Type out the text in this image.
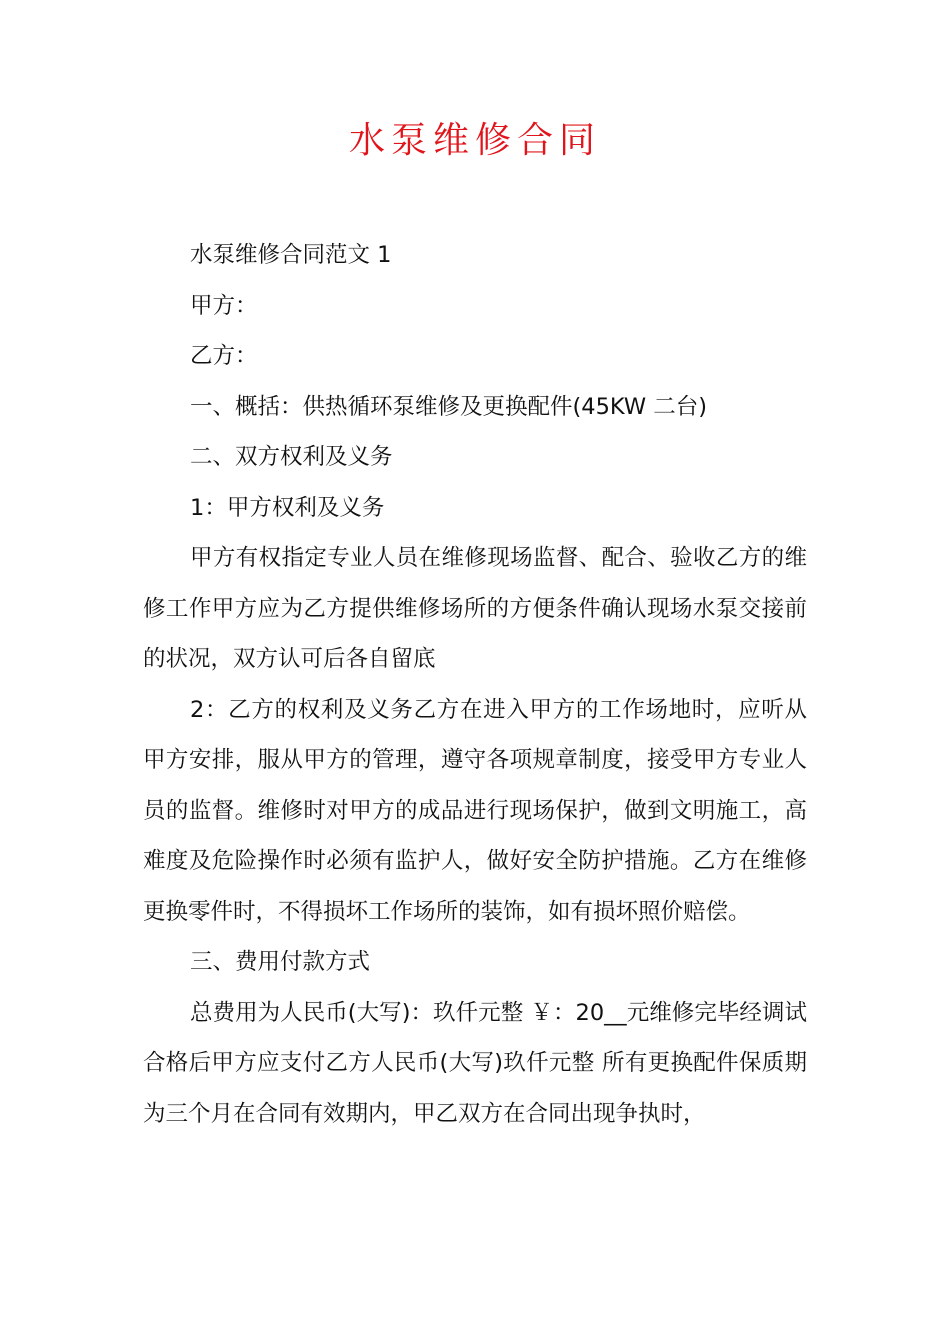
水泵维修合同

水泵维修合同范文 1

甲方：

乙方：

一、概括：供热循环泵维修及更换配件(45KW 二台)

二、双方权利及义务

1：甲方权利及义务

甲方有权指定专业人员在维修现场监督、配合、验收乙方的维修工作甲方应为乙方提供维修场所的方便条件确认现场水泵交接前的状况，双方认可后各自留底

2：乙方的权利及义务乙方在进入甲方的工作场地时，应听从甲方安排，服从甲方的管理，遵守各项规章制度，接受甲方专业人员的监督。维修时对甲方的成品进行现场保护，做到文明施工，高难度及危险操作时必须有监护人，做好安全防护措施。乙方在维修更换零件时，不得损坏工作场所的装饰，如有损坏照价赔偿。

三、费用付款方式

总费用为人民币(大写)：玖仟元整 ￥：20__元维修完毕经调试合格后甲方应支付乙方人民币(大写)玖仟元整 所有更换配件保质期为三个月在合同有效期内，甲乙双方在合同出现争执时，
